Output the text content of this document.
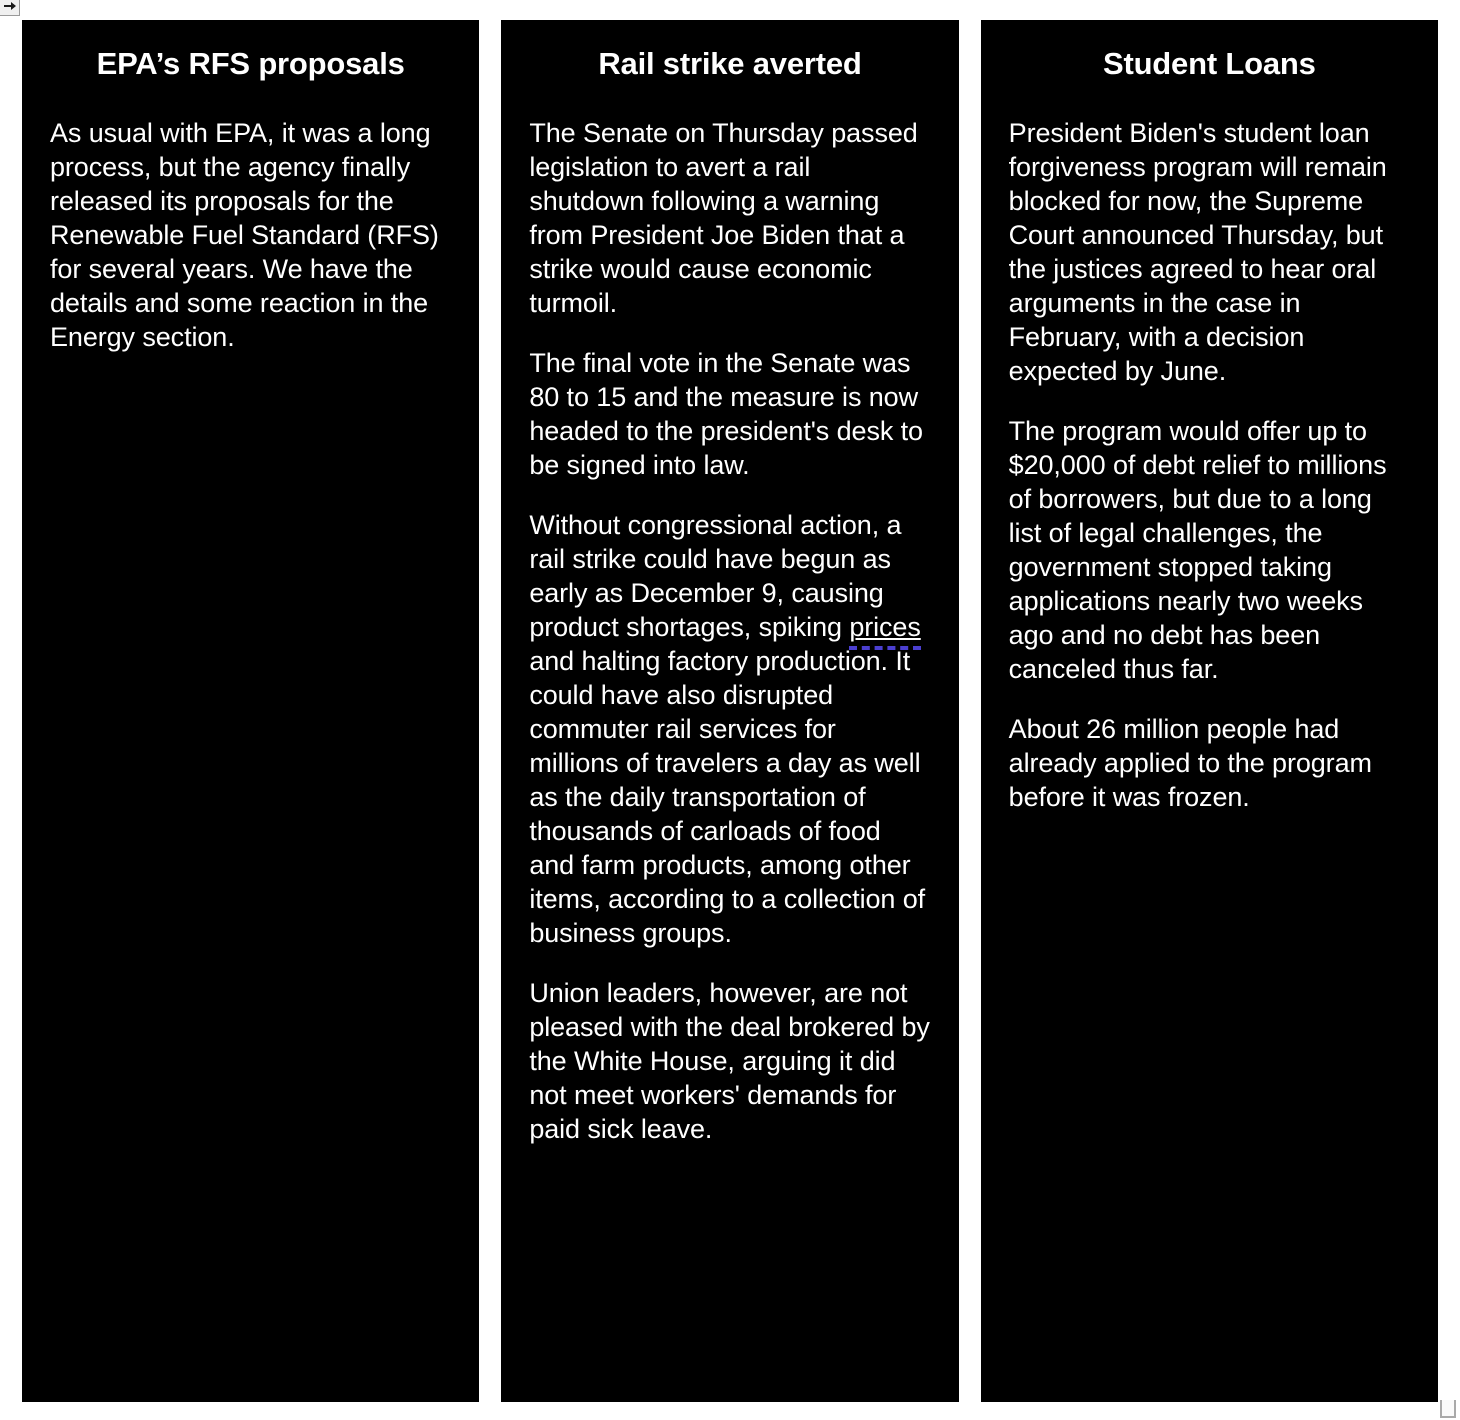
EPA’s RFS proposals

As usual with EPA, it was a long process, but the agency finally released its proposals for the Renewable Fuel Standard (RFS) for several years. We have the details and some reaction in the Energy section.

Rail strike averted

The Senate on Thursday passed legislation to avert a rail shutdown following a warning from President Joe Biden that a strike would cause economic turmoil.

The final vote in the Senate was 80 to 15 and the measure is now headed to the president's desk to be signed into law.

Without congressional action, a rail strike could have begun as early as December 9, causing product shortages, spiking prices and halting factory production. It could have also disrupted commuter rail services for millions of travelers a day as well as the daily transportation of thousands of carloads of food and farm products, among other items, according to a collection of business groups.

Union leaders, however, are not pleased with the deal brokered by the White House, arguing it did not meet workers' demands for paid sick leave.

Student Loans

President Biden's student loan forgiveness program will remain blocked for now, the Supreme Court announced Thursday, but the justices agreed to hear oral arguments in the case in February, with a decision expected by June.

The program would offer up to $20,000 of debt relief to millions of borrowers, but due to a long list of legal challenges, the government stopped taking applications nearly two weeks ago and no debt has been canceled thus far.

About 26 million people had already applied to the program before it was frozen.
